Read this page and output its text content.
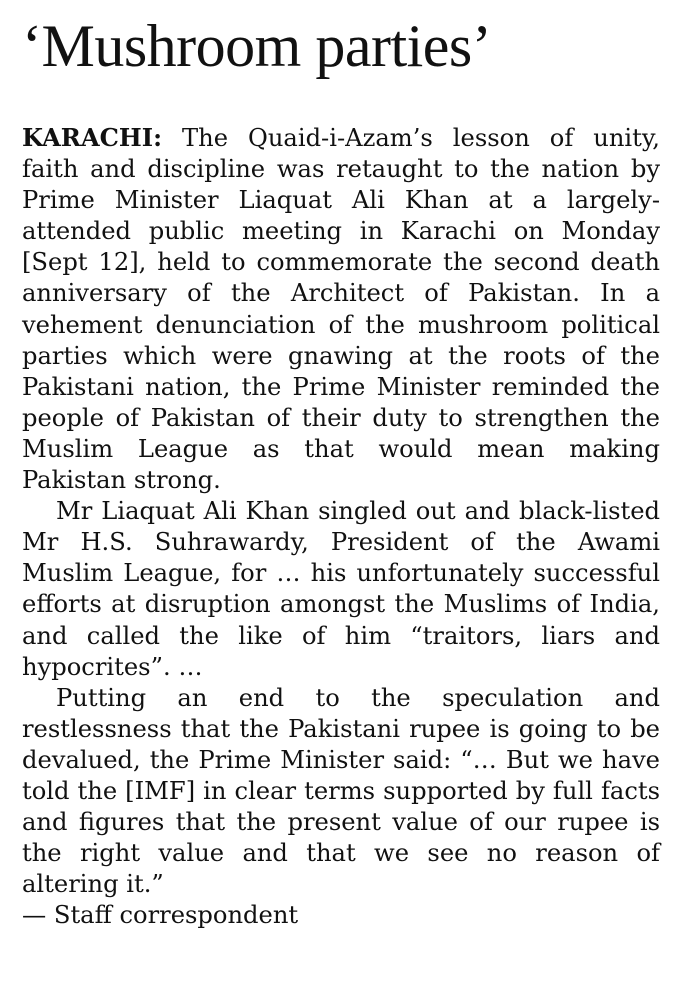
‘Mushroom parties’

KARACHI: The Quaid-i-Azam’s lesson of unity, faith and discipline was retaught to the nation by Prime Minister Liaquat Ali Khan at a largely-attended public meeting in Karachi on Monday [Sept 12], held to commemorate the second death anniversary of the Architect of Pakistan. In a vehement denunciation of the mushroom political parties which were gnawing at the roots of the Pakistani nation, the Prime Minister reminded the people of Pakistan of their duty to strengthen the Muslim League as that would mean making Pakistan strong.

Mr Liaquat Ali Khan singled out and black-listed Mr H.S. Suhrawardy, President of the Awami Muslim League, for … his unfortunately successful efforts at disruption amongst the Muslims of India, and called the like of him “traitors, liars and hypocrites”. …

Putting an end to the speculation and restlessness that the Pakistani rupee is going to be devalued, the Prime Minister said: “… But we have told the [IMF] in clear terms supported by full facts and figures that the present value of our rupee is the right value and that we see no reason of altering it.”

— Staff correspondent
